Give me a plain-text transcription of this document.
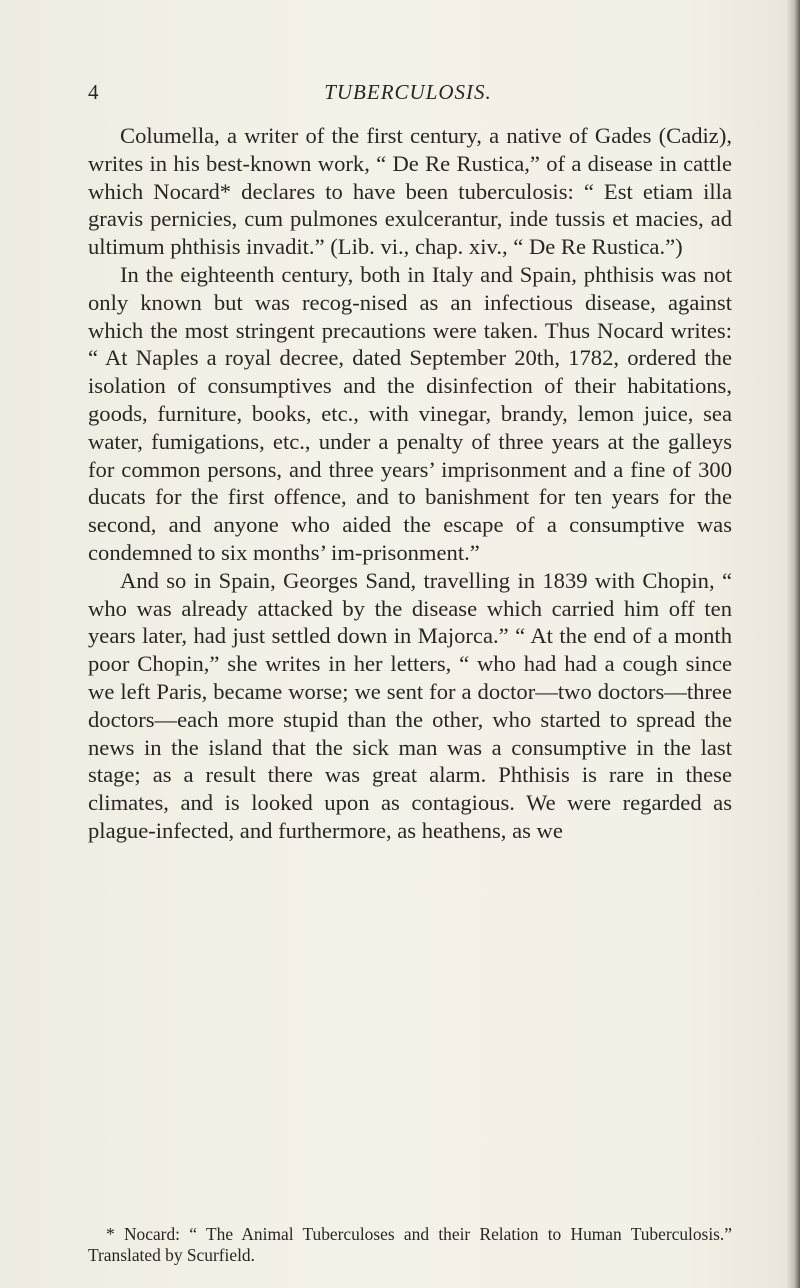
4	TUBERCULOSIS.

Columella, a writer of the first century, a native of Gades (Cadiz), writes in his best-known work, “ De Re Rustica,” of a disease in cattle which Nocard* declares to have been tuberculosis: “ Est etiam illa gravis pernicies, cum pulmones exulcerantur, inde tussis et macies, ad ultimum phthisis invadit.” (Lib. vi., chap. xiv., “ De Re Rustica.”)

In the eighteenth century, both in Italy and Spain, phthisis was not only known but was recog-nised as an infectious disease, against which the most stringent precautions were taken. Thus Nocard writes: “ At Naples a royal decree, dated September 20th, 1782, ordered the isolation of consumptives and the disinfection of their habitations, goods, furniture, books, etc., with vinegar, brandy, lemon juice, sea water, fumigations, etc., under a penalty of three years at the galleys for common persons, and three years’ imprisonment and a fine of 300 ducats for the first offence, and to banishment for ten years for the second, and anyone who aided the escape of a consumptive was condemned to six months’ im-prisonment.”

And so in Spain, Georges Sand, travelling in 1839 with Chopin, “ who was already attacked by the disease which carried him off ten years later, had just settled down in Majorca.” “ At the end of a month poor Chopin,” she writes in her letters, “ who had had a cough since we left Paris, became worse; we sent for a doctor—two doctors—three doctors—each more stupid than the other, who started to spread the news in the island that the sick man was a consumptive in the last stage; as a result there was great alarm. Phthisis is rare in these climates, and is looked upon as contagious. We were regarded as plague-infected, and furthermore, as heathens, as we

* Nocard: “ The Animal Tuberculoses and their Relation to Human Tuberculosis.” Translated by Scurfield.
